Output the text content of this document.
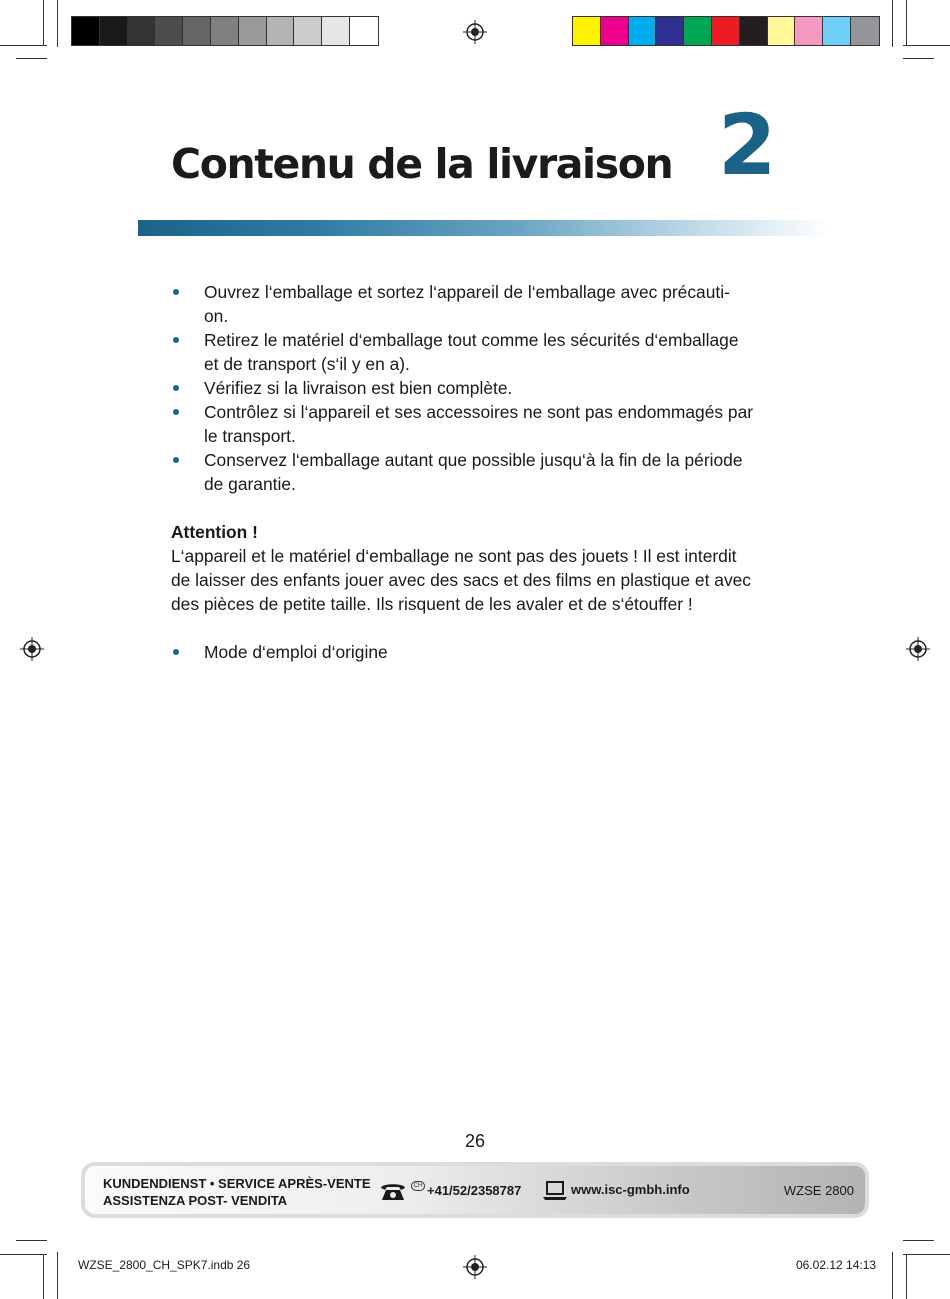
Contenu de la livraison 2
Ouvrez l‘emballage et sortez l‘appareil de l‘emballage avec précauti-
on.
Retirez le matériel d‘emballage tout comme les sécurités d‘emballage
et de transport (s‘il y en a).
Vérifiez si la livraison est bien complète.
Contrôlez si l‘appareil et ses accessoires ne sont pas endommagés par
le transport.
Conservez l‘emballage autant que possible jusqu‘à la fin de la période
de garantie.
Attention !
L‘appareil et le matériel d‘emballage ne sont pas des jouets ! Il est interdit
de laisser des enfants jouer avec des sacs et des films en plastique et avec
des pièces de petite taille. Ils risquent de les avaler et de s‘étouffer !
Mode d‘emploi d‘origine
26
KUNDENDIENST • SERVICE APRÈS-VENTE
ASSISTENZA POST- VENDITA
CH +41/52/2358787	www.isc-gmbh.info	WZSE 2800
WZSE_2800_CH_SPK7.indb 26	06.02.12 14:13
